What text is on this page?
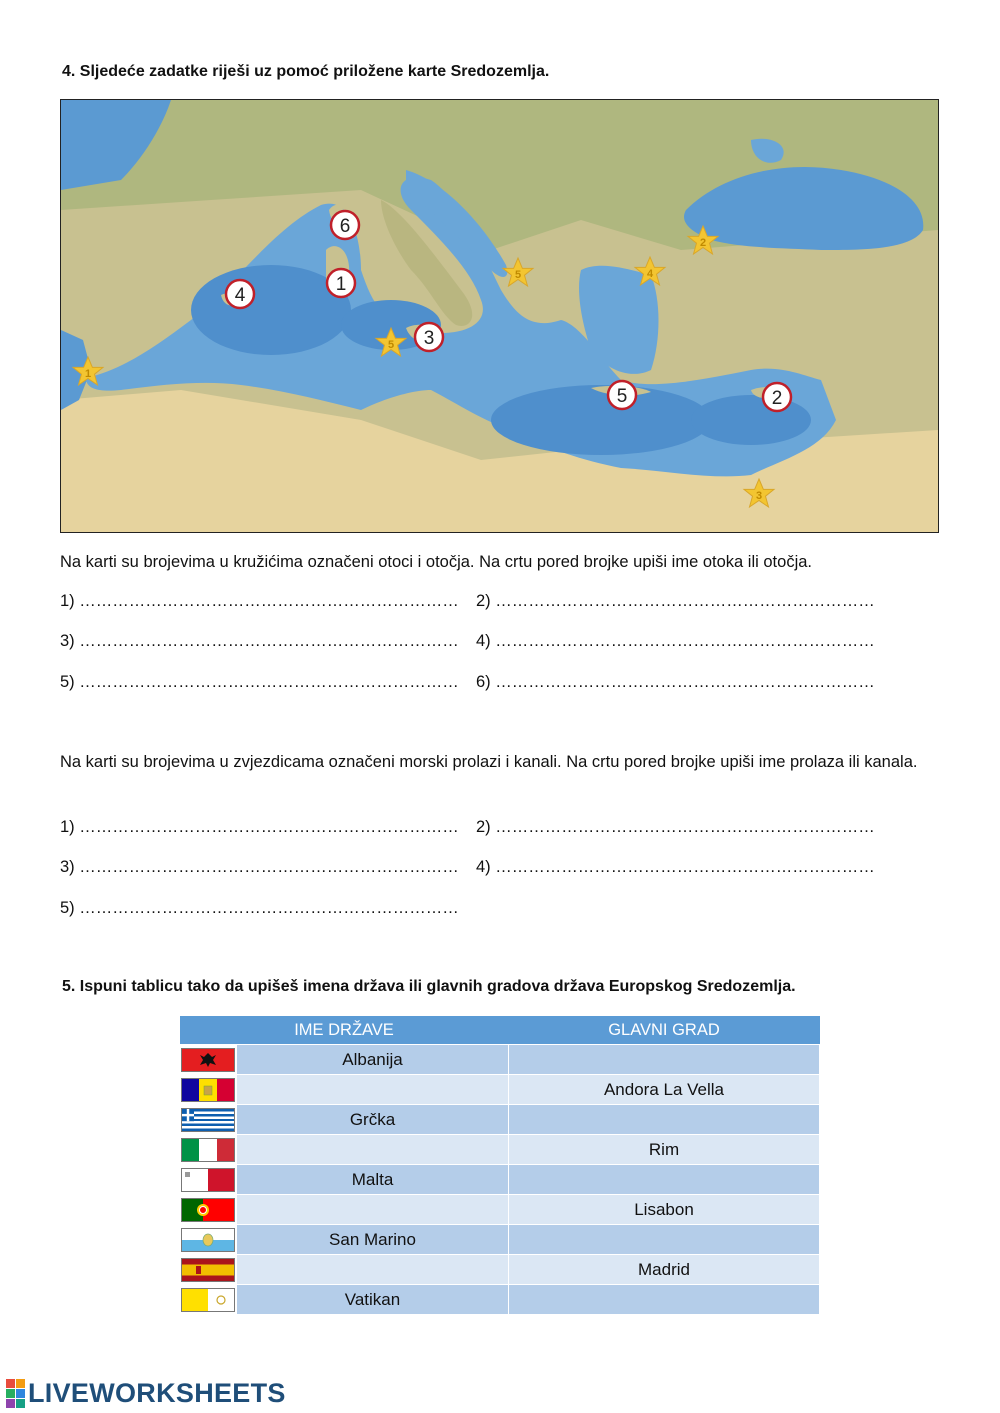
4. Sljedeće zadatke riješi uz pomoć priložene karte Sredozemlja.
1
2
3
4
5
6
1
2
3
4
5
5
Na karti su brojevima u kružićima označeni otoci i otočja. Na crtu pored brojke upiši ime otoka ili otočja.
1) …………………………………………………………… 2) ……………………………………………………………
3) …………………………………………………………… 4) ……………………………………………………………
5) …………………………………………………………… 6) ……………………………………………………………
Na karti su brojevima u zvjezdicama označeni morski prolazi i kanali. Na crtu pored brojke upiši ime prolaza ili kanala.
1) …………………………………………………………… 2) ……………………………………………………………
3) …………………………………………………………… 4) ……………………………………………………………
5) ……………………………………………………………
5. Ispuni tablicu tako da upišeš imena država ili glavnih gradova država Europskog Sredozemlja.
IME DRŽAVE		GLAVNI GRAD

	Albanija	

		Andora La Vella

	Grčka	

		Rim

	Malta	

		Lisabon

	San Marino	

		Madrid

	Vatikan	
LIVEWORKSHEETS
